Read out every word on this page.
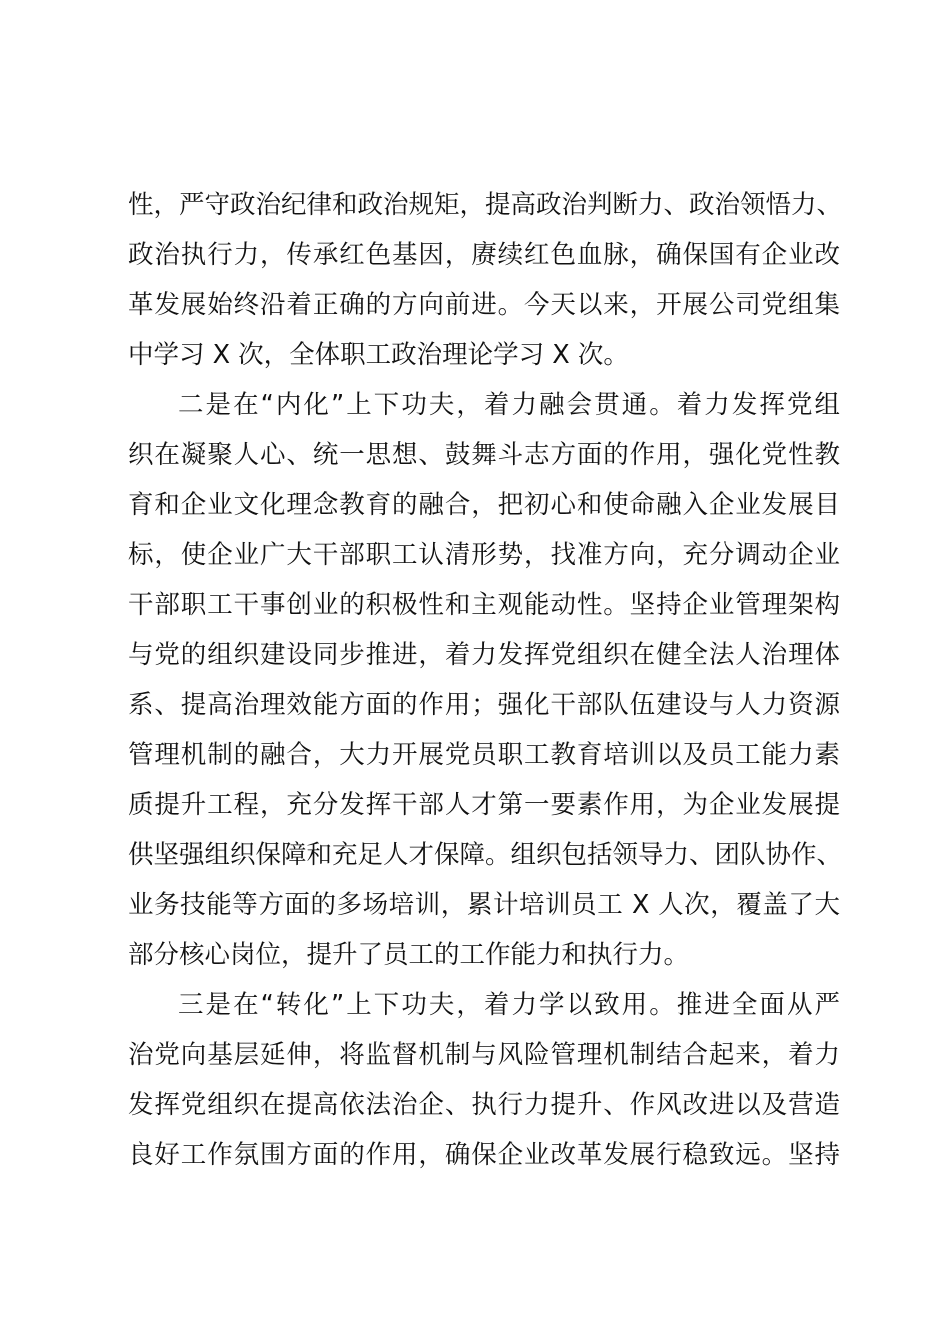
性，严守政治纪律和政治规矩，提高政治判断力、政治领悟力、
政治执行力，传承红色基因，赓续红色血脉，确保国有企业改
革发展始终沿着正确的方向前进。今天以来，开展公司党组集
中学习 X 次，全体职工政治理论学习 X 次。
二是在“内化”上下功夫，着力融会贯通。着力发挥党组
织在凝聚人心、统一思想、鼓舞斗志方面的作用，强化党性教
育和企业文化理念教育的融合，把初心和使命融入企业发展目
标，使企业广大干部职工认清形势，找准方向，充分调动企业
干部职工干事创业的积极性和主观能动性。坚持企业管理架构
与党的组织建设同步推进，着力发挥党组织在健全法人治理体
系、提高治理效能方面的作用；强化干部队伍建设与人力资源
管理机制的融合，大力开展党员职工教育培训以及员工能力素
质提升工程，充分发挥干部人才第一要素作用，为企业发展提
供坚强组织保障和充足人才保障。组织包括领导力、团队协作、
业务技能等方面的多场培训，累计培训员工 X 人次，覆盖了大
部分核心岗位，提升了员工的工作能力和执行力。
三是在“转化”上下功夫，着力学以致用。推进全面从严
治党向基层延伸，将监督机制与风险管理机制结合起来，着力
发挥党组织在提高依法治企、执行力提升、作风改进以及营造
良好工作氛围方面的作用，确保企业改革发展行稳致远。坚持
